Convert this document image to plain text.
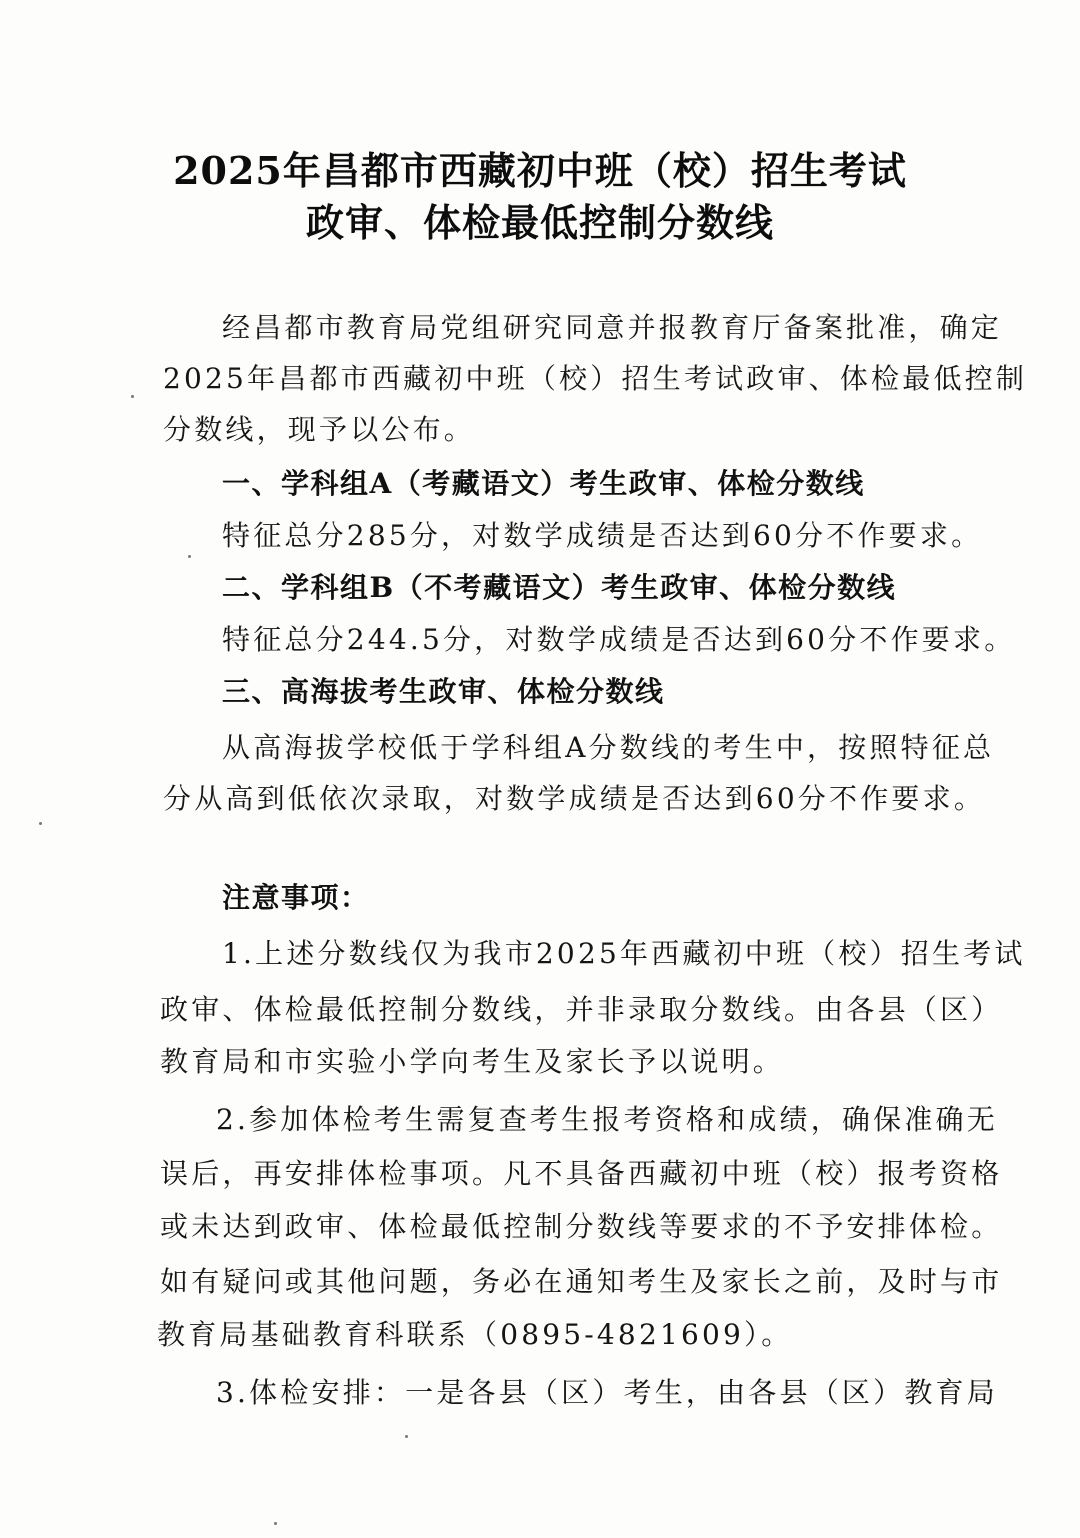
2025年昌都市西藏初中班（校）招生考试
政审、体检最低控制分数线
经昌都市教育局党组研究同意并报教育厅备案批准，确定
2025年昌都市西藏初中班（校）招生考试政审、体检最低控制
分数线，现予以公布。
一、学科组A（考藏语文）考生政审、体检分数线
特征总分285分，对数学成绩是否达到60分不作要求。
二、学科组B（不考藏语文）考生政审、体检分数线
特征总分244.5分，对数学成绩是否达到60分不作要求。
三、高海拔考生政审、体检分数线
从高海拔学校低于学科组A分数线的考生中，按照特征总
分从高到低依次录取，对数学成绩是否达到60分不作要求。
注意事项：
1.上述分数线仅为我市2025年西藏初中班（校）招生考试
政审、体检最低控制分数线，并非录取分数线。由各县（区）
教育局和市实验小学向考生及家长予以说明。
2.参加体检考生需复查考生报考资格和成绩，确保准确无
误后，再安排体检事项。凡不具备西藏初中班（校）报考资格
或未达到政审、体检最低控制分数线等要求的不予安排体检。
如有疑问或其他问题，务必在通知考生及家长之前，及时与市
教育局基础教育科联系（0895-4821609）。
3.体检安排：一是各县（区）考生，由各县（区）教育局
